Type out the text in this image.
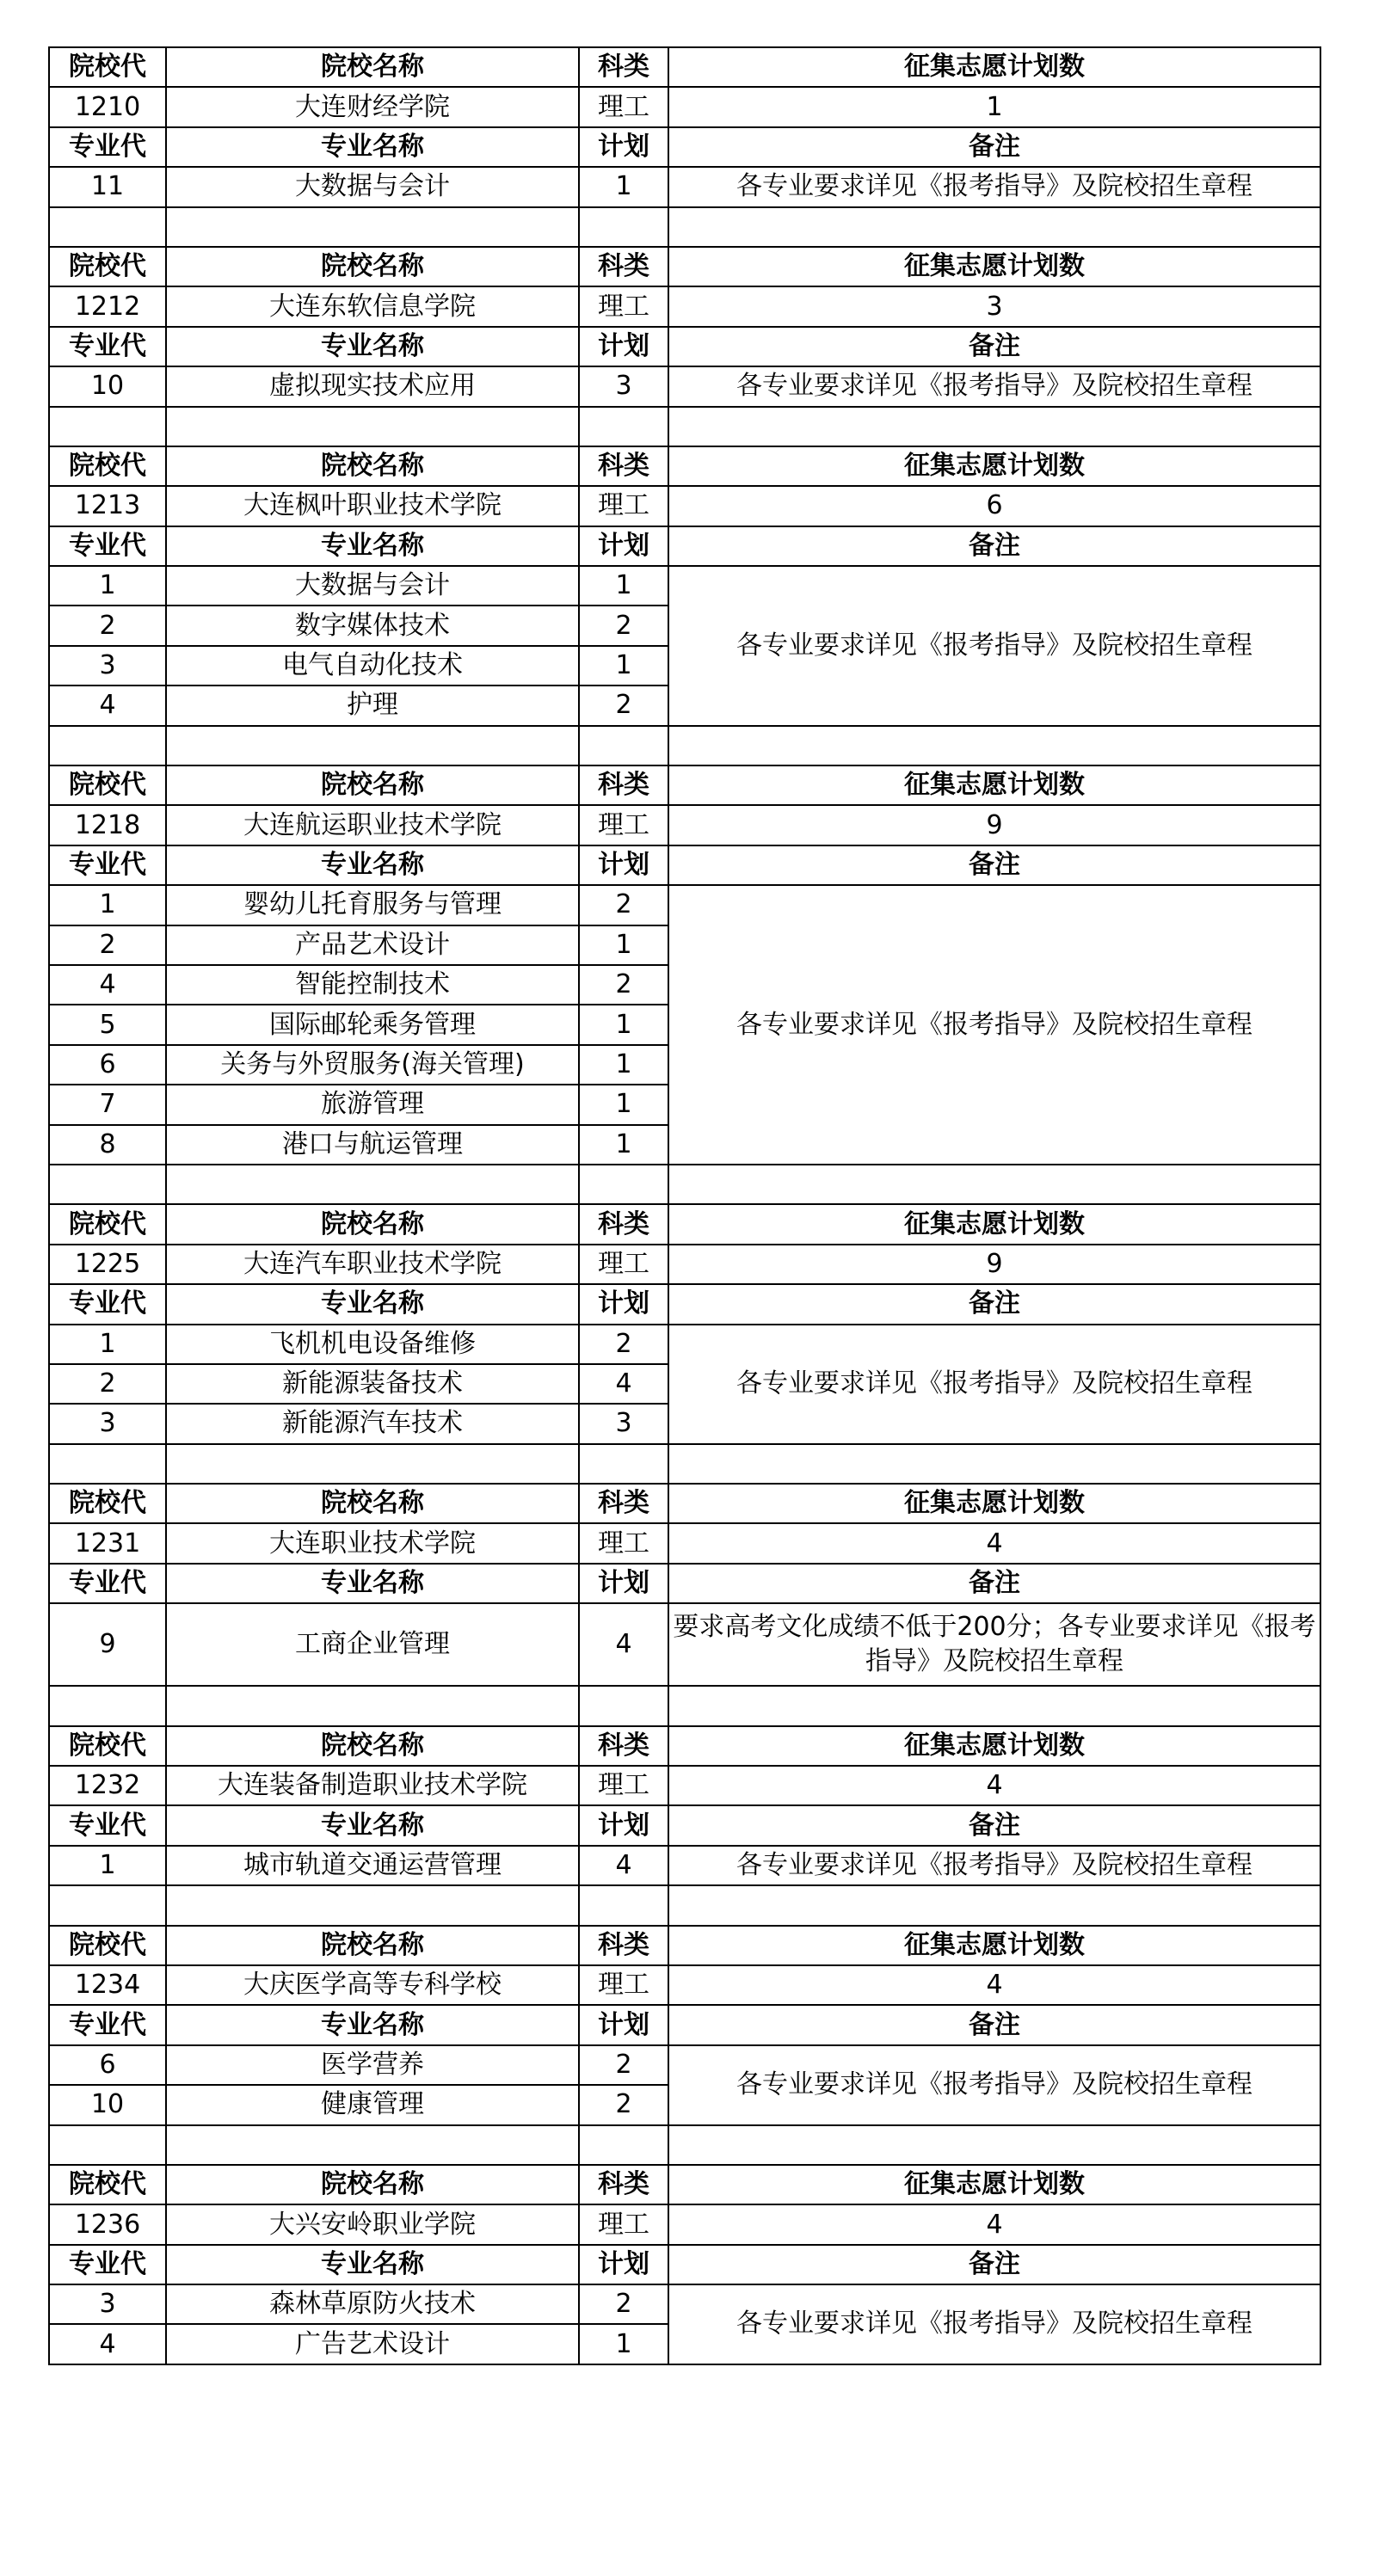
院校代	院校名称	科类	征集志愿计划数
1210	大连财经学院	理工	1
专业代	专业名称	计划	备注
11	大数据与会计	1	各专业要求详见《报考指导》及院校招生章程

院校代	院校名称	科类	征集志愿计划数
1212	大连东软信息学院	理工	3
专业代	专业名称	计划	备注
10	虚拟现实技术应用	3	各专业要求详见《报考指导》及院校招生章程

院校代	院校名称	科类	征集志愿计划数
1213	大连枫叶职业技术学院	理工	6
专业代	专业名称	计划	备注
1	大数据与会计	1	各专业要求详见《报考指导》及院校招生章程
2	数字媒体技术	2	
3	电气自动化技术	1	
4	护理	2	

院校代	院校名称	科类	征集志愿计划数
1218	大连航运职业技术学院	理工	9
专业代	专业名称	计划	备注
1	婴幼儿托育服务与管理	2	各专业要求详见《报考指导》及院校招生章程
2	产品艺术设计	1	
4	智能控制技术	2	
5	国际邮轮乘务管理	1	
6	关务与外贸服务(海关管理)	1	
7	旅游管理	1	
8	港口与航运管理	1	

院校代	院校名称	科类	征集志愿计划数
1225	大连汽车职业技术学院	理工	9
专业代	专业名称	计划	备注
1	飞机机电设备维修	2	各专业要求详见《报考指导》及院校招生章程
2	新能源装备技术	4	
3	新能源汽车技术	3	

院校代	院校名称	科类	征集志愿计划数
1231	大连职业技术学院	理工	4
专业代	专业名称	计划	备注
9	工商企业管理	4	要求高考文化成绩不低于200分；各专业要求详见《报考指导》及院校招生章程

院校代	院校名称	科类	征集志愿计划数
1232	大连装备制造职业技术学院	理工	4
专业代	专业名称	计划	备注
1	城市轨道交通运营管理	4	各专业要求详见《报考指导》及院校招生章程

院校代	院校名称	科类	征集志愿计划数
1234	大庆医学高等专科学校	理工	4
专业代	专业名称	计划	备注
6	医学营养	2	各专业要求详见《报考指导》及院校招生章程
10	健康管理	2	

院校代	院校名称	科类	征集志愿计划数
1236	大兴安岭职业学院	理工	4
专业代	专业名称	计划	备注
3	森林草原防火技术	2	各专业要求详见《报考指导》及院校招生章程
4	广告艺术设计	1	
